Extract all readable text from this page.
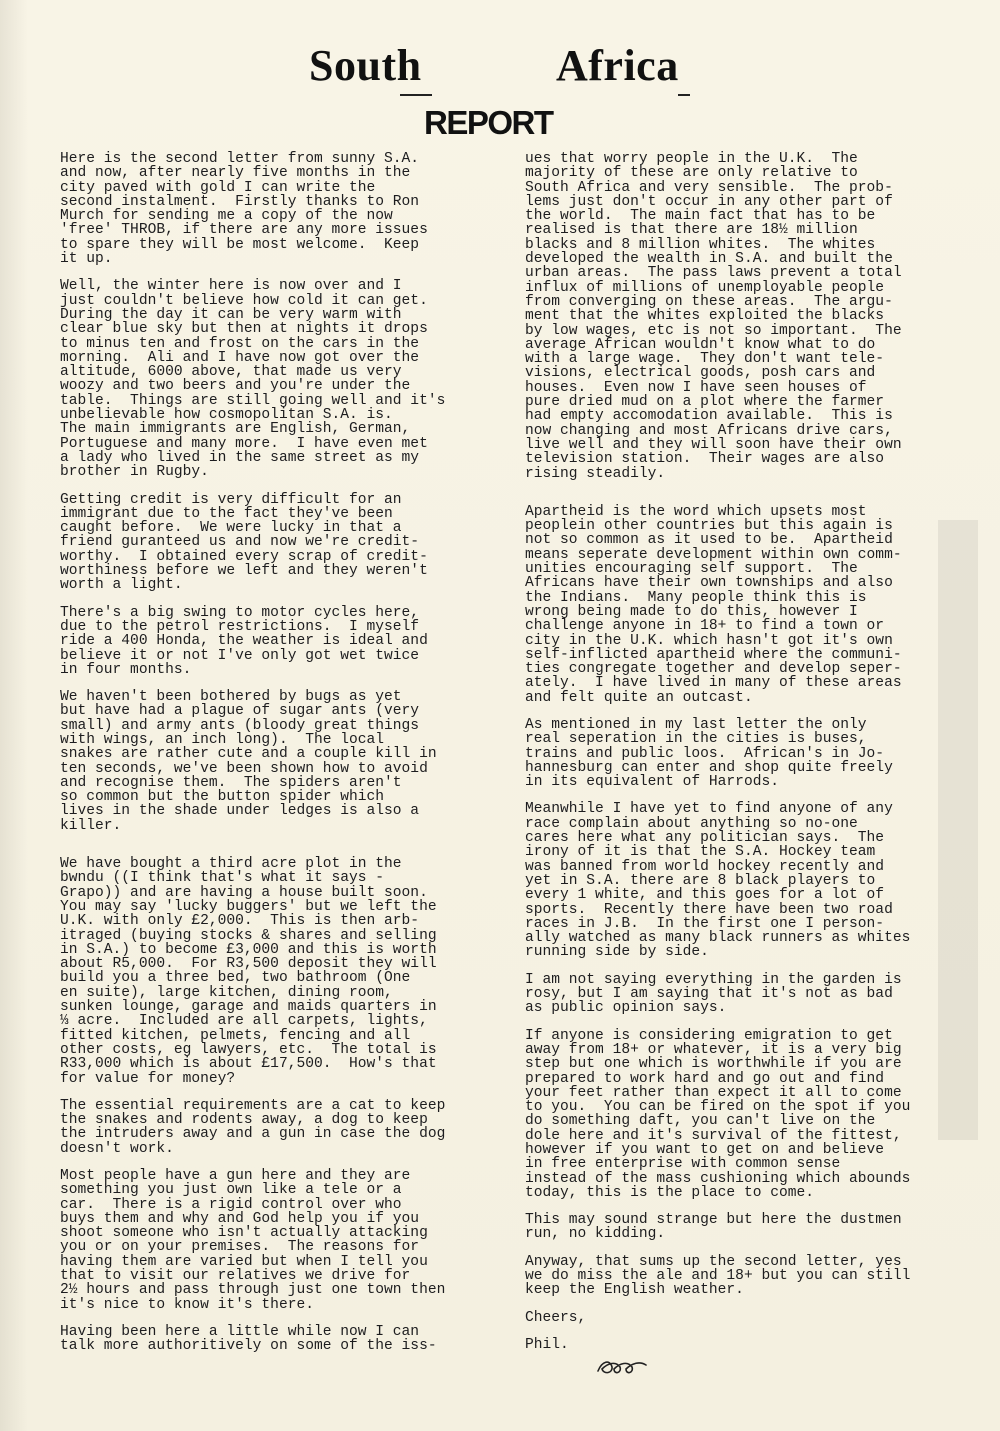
South	Africa
REPORT

Here is the second letter from sunny S.A.
and now, after nearly five months in the
city paved with gold I can write the
second instalment.  Firstly thanks to Ron
Murch for sending me a copy of the now
'free' THROB, if there are any more issues
to spare they will be most welcome.  Keep
it up.

Well, the winter here is now over and I
just couldn't believe how cold it can get.
During the day it can be very warm with
clear blue sky but then at nights it drops
to minus ten and frost on the cars in the
morning.  Ali and I have now got over the
altitude, 6000 above, that made us very
woozy and two beers and you're under the
table.  Things are still going well and it's
unbelievable how cosmopolitan S.A. is.
The main immigrants are English, German,
Portuguese and many more.  I have even met
a lady who lived in the same street as my
brother in Rugby.

Getting credit is very difficult for an
immigrant due to the fact they've been
caught before.  We were lucky in that a
friend guranteed us and now we're credit-
worthy.  I obtained every scrap of credit-
worthiness before we left and they weren't
worth a light.

There's a big swing to motor cycles here,
due to the petrol restrictions.  I myself
ride a 400 Honda, the weather is ideal and
believe it or not I've only got wet twice
in four months.

We haven't been bothered by bugs as yet
but have had a plague of sugar ants (very
small) and army ants (bloody great things
with wings, an inch long).  The local
snakes are rather cute and a couple kill in
ten seconds, we've been shown how to avoid
and recognise them.  The spiders aren't
so common but the button spider which
lives in the shade under ledges is also a
killer.

We have bought a third acre plot in the
bwndu ((I think that's what it says -
Grapo)) and are having a house built soon.
You may say 'lucky buggers' but we left the
U.K. with only £2,000.  This is then arb-
itraged (buying stocks & shares and selling
in S.A.) to become £3,000 and this is worth
about R5,000.  For R3,500 deposit they will
build you a three bed, two bathroom (One
en suite), large kitchen, dining room,
sunken lounge, garage and maids quarters in
⅓ acre.  Included are all carpets, lights,
fitted kitchen, pelmets, fencing and all
other costs, eg lawyers, etc.  The total is
R33,000 which is about £17,500.  How's that
for value for money?

The essential requirements are a cat to keep
the snakes and rodents away, a dog to keep
the intruders away and a gun in case the dog
doesn't work.

Most people have a gun here and they are
something you just own like a tele or a
car.  There is a rigid control over who
buys them and why and God help you if you
shoot someone who isn't actually attacking
you or on your premises.  The reasons for
having them are varied but when I tell you
that to visit our relatives we drive for
2½ hours and pass through just one town then
it's nice to know it's there.

Having been here a little while now I can
talk more authoritively on some of the iss-

ues that worry people in the U.K.  The
majority of these are only relative to
South Africa and very sensible.  The prob-
lems just don't occur in any other part of
the world.  The main fact that has to be
realised is that there are 18½ million
blacks and 8 million whites.  The whites
developed the wealth in S.A. and built the
urban areas.  The pass laws prevent a total
influx of millions of unemployable people
from converging on these areas.  The argu-
ment that the whites exploited the blacks
by low wages, etc is not so important.  The
average African wouldn't know what to do
with a large wage.  They don't want tele-
visions, electrical goods, posh cars and
houses.  Even now I have seen houses of
pure dried mud on a plot where the farmer
had empty accomodation available.  This is
now changing and most Africans drive cars,
live well and they will soon have their own
television station.  Their wages are also
rising steadily.

Apartheid is the word which upsets most
peoplein other countries but this again is
not so common as it used to be.  Apartheid
means seperate development within own comm-
unities encouraging self support.  The
Africans have their own townships and also
the Indians.  Many people think this is
wrong being made to do this, however I
challenge anyone in 18+ to find a town or
city in the U.K. which hasn't got it's own
self-inflicted apartheid where the communi-
ties congregate together and develop seper-
ately.  I have lived in many of these areas
and felt quite an outcast.

As mentioned in my last letter the only
real seperation in the cities is buses,
trains and public loos.  African's in Jo-
hannesburg can enter and shop quite freely
in its equivalent of Harrods.

Meanwhile I have yet to find anyone of any
race complain about anything so no-one
cares here what any politician says.  The
irony of it is that the S.A. Hockey team
was banned from world hockey recently and
yet in S.A. there are 8 black players to
every 1 white, and this goes for a lot of
sports.  Recently there have been two road
races in J.B.  In the first one I person-
ally watched as many black runners as whites
running side by side.

I am not saying everything in the garden is
rosy, but I am saying that it's not as bad
as public opinion says.

If anyone is considering emigration to get
away from 18+ or whatever, it is a very big
step but one which is worthwhile if you are
prepared to work hard and go out and find
your feet rather than expect it all to come
to you.  You can be fired on the spot if you
do something daft, you can't live on the
dole here and it's survival of the fittest,
however if you want to get on and believe
in free enterprise with common sense
instead of the mass cushioning which abounds
today, this is the place to come.

This may sound strange but here the dustmen
run, no kidding.

Anyway, that sums up the second letter, yes
we do miss the ale and 18+ but you can still
keep the English weather.

Cheers,

Phil.
